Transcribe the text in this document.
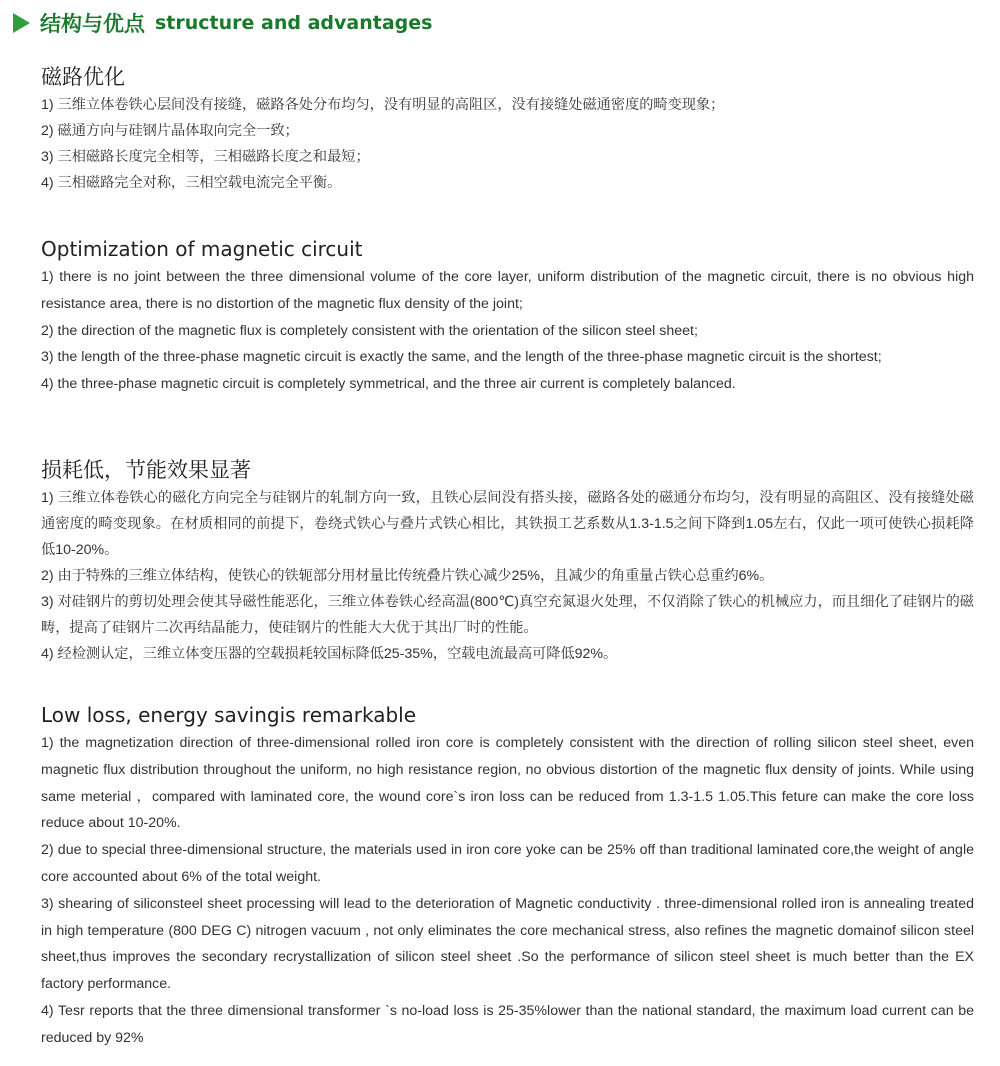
结构与优点 structure and advantages
磁路优化

1) 三维立体卷铁心层间没有接缝，磁路各处分布均匀，没有明显的高阻区，没有接缝处磁通密度的畸变现象；

2) 磁通方向与硅钢片晶体取向完全一致；

3) 三相磁路长度完全相等，三相磁路长度之和最短；

4) 三相磁路完全对称，三相空载电流完全平衡。

Optimization of magnetic circuit

1) there is no joint between the three dimensional volume of the core layer, uniform distribution of the magnetic circuit, there is no obvious high resistance area, there is no distortion of the magnetic flux density of the joint;

2) the direction of the magnetic flux is completely consistent with the orientation of the silicon steel sheet;

3) the length of the three-phase magnetic circuit is exactly the same, and the length of the three-phase magnetic circuit is the shortest;

4) the three-phase magnetic circuit is completely symmetrical, and the three air current is completely balanced.

损耗低，节能效果显著

1) 三维立体卷铁心的磁化方向完全与硅钢片的轧制方向一致，且铁心层间没有搭头接，磁路各处的磁通分布均匀，没有明显的高阻区、没有接缝处磁通密度的畸变现象。在材质相同的前提下，卷绕式铁心与叠片式铁心相比，其铁损工艺系数从1.3-1.5之间下降到1.05左右，仅此一项可使铁心损耗降低10-20%。

2) 由于特殊的三维立体结构，使铁心的铁轭部分用材量比传统叠片铁心减少25%，且减少的角重量占铁心总重约6%。

3) 对硅钢片的剪切处理会使其导磁性能恶化，三维立体卷铁心经高温(800℃)真空充氮退火处理，不仅消除了铁心的机械应力，而且细化了硅钢片的磁畴，提高了硅钢片二次再结晶能力，使硅钢片的性能大大优于其出厂时的性能。

4) 经检测认定，三维立体变压器的空载损耗较国标降低25-35%，空载电流最高可降低92%。

Low loss, energy savingis remarkable

1) the magnetization direction of three-dimensional rolled iron core is completely consistent with the direction of rolling silicon steel sheet, even magnetic flux distribution throughout the uniform, no high resistance region, no obvious distortion of the magnetic flux density of joints. While using same meterial ，compared with laminated core, the wound core`s iron loss can be reduced from 1.3-1.5 1.05.This feture can make the core loss reduce about 10-20%.

2) due to special three-dimensional structure, the materials used in iron core yoke can be 25% off than traditional laminated core,the weight of angle core accounted about 6% of the total weight.

3) shearing of siliconsteel sheet processing will lead to the deterioration of Magnetic conductivity . three-dimensional rolled iron is annealing treated in high temperature (800 DEG C) nitrogen vacuum , not only eliminates the core mechanical stress, also refines the magnetic domainof silicon steel sheet,thus improves the secondary recrystallization of silicon steel sheet .So the performance of silicon steel sheet is much better than the EX factory performance.

4) Tesr reports that the three dimensional transformer `s no-load loss is 25-35%lower than the national standard, the maximum load current can be reduced by 92%
